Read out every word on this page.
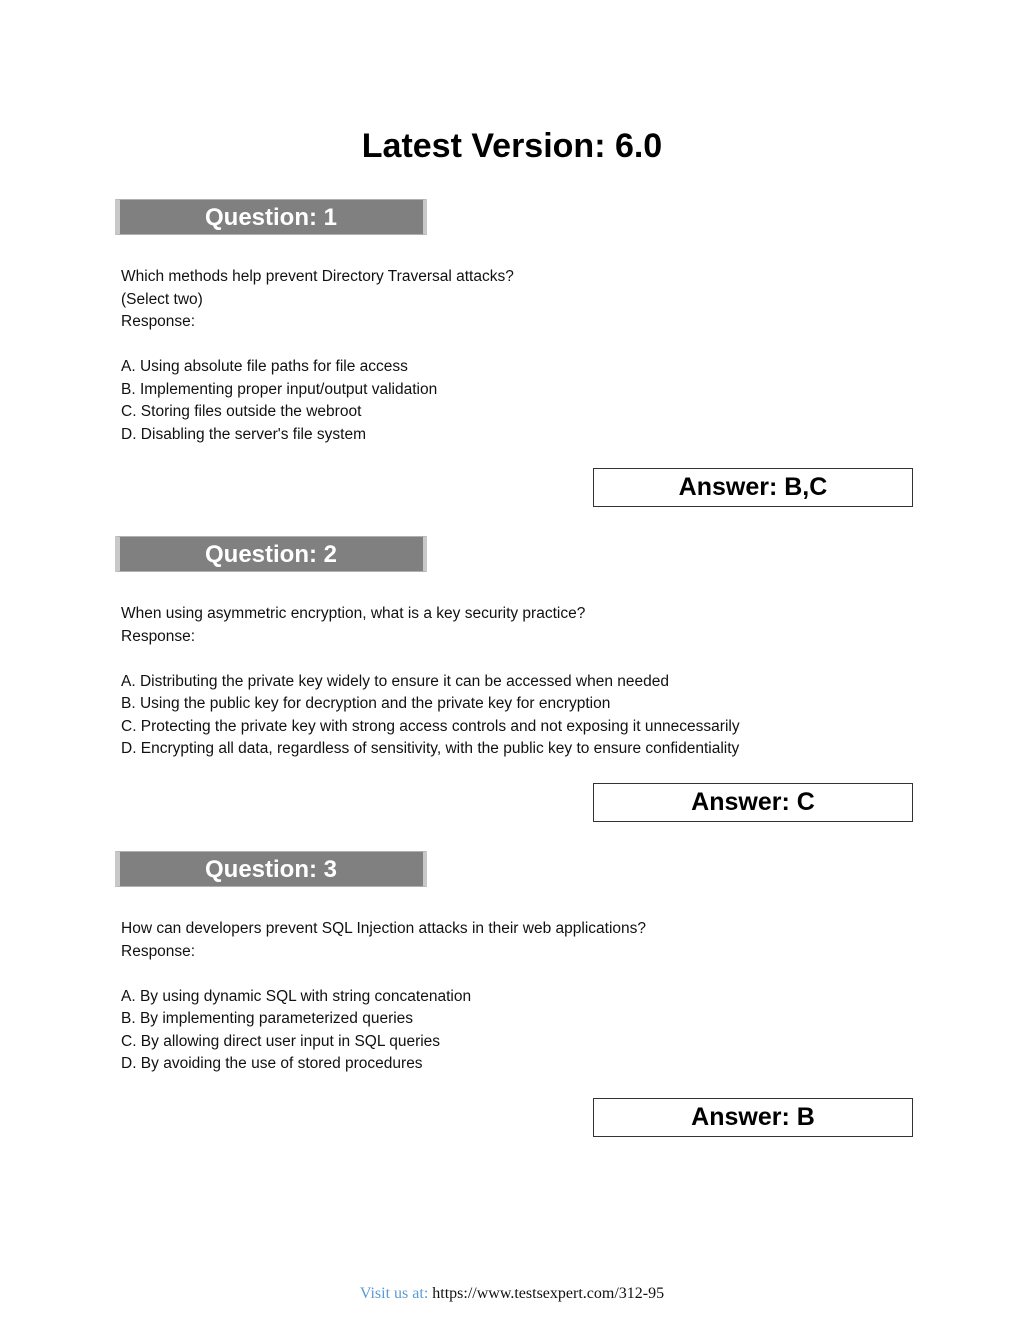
Latest Version: 6.0
Question: 1
Which methods help prevent Directory Traversal attacks?
(Select two)
Response:
A. Using absolute file paths for file access
B. Implementing proper input/output validation
C. Storing files outside the webroot
D. Disabling the server's file system
Answer: B,C
Question: 2
When using asymmetric encryption, what is a key security practice?
Response:
A. Distributing the private key widely to ensure it can be accessed when needed
B. Using the public key for decryption and the private key for encryption
C. Protecting the private key with strong access controls and not exposing it unnecessarily
D. Encrypting all data, regardless of sensitivity, with the public key to ensure confidentiality
Answer: C
Question: 3
How can developers prevent SQL Injection attacks in their web applications?
Response:
A. By using dynamic SQL with string concatenation
B. By implementing parameterized queries
C. By allowing direct user input in SQL queries
D. By avoiding the use of stored procedures
Answer: B
Visit us at: https://www.testsexpert.com/312-95
